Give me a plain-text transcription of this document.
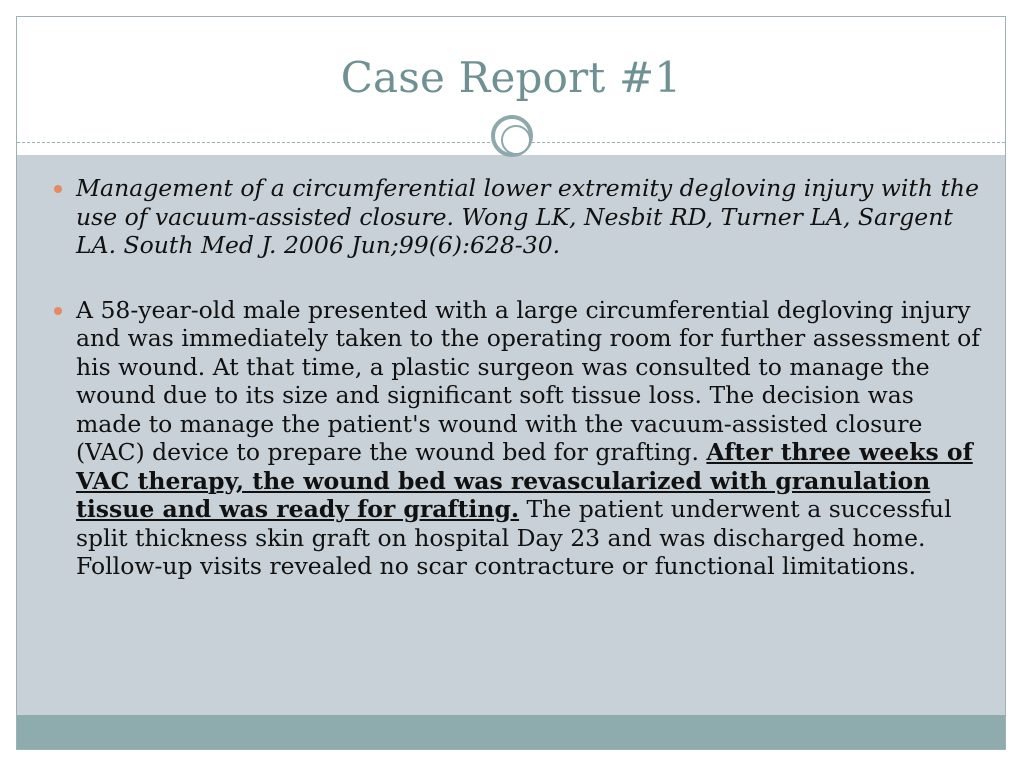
Case Report #1
Management of a circumferential lower extremity degloving injury with the use of vacuum-assisted closure. Wong LK, Nesbit RD, Turner LA, Sargent LA. South Med J. 2006 Jun;99(6):628-30.
A 58-year-old male presented with a large circumferential degloving injury and was immediately taken to the operating room for further assessment of his wound. At that time, a plastic surgeon was consulted to manage the wound due to its size and significant soft tissue loss. The decision was made to manage the patient's wound with the vacuum-assisted closure (VAC) device to prepare the wound bed for grafting. After three weeks of VAC therapy, the wound bed was revascularized with granulation tissue and was ready for grafting. The patient underwent a successful split thickness skin graft on hospital Day 23 and was discharged home. Follow-up visits revealed no scar contracture or functional limitations.
